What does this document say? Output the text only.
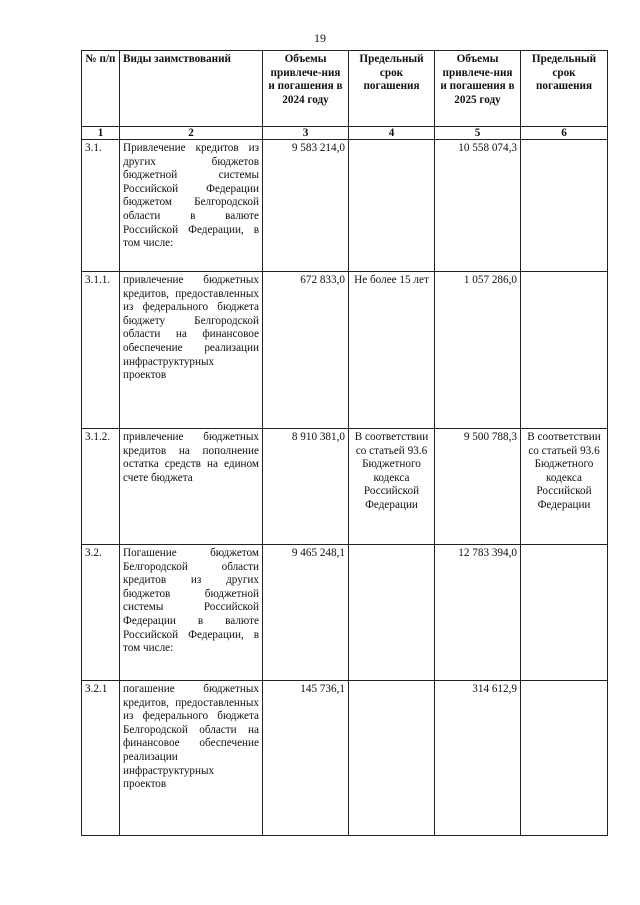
19
№ п/п	Виды заимствований	Объемы привлече-ния и погашения в 2024 году	Предельный срок погашения	Объемы привлече-ния и погашения в 2025 году	Предельный срок погашения
1	2	3	4	5	6
3.1.	Привлечение кредитов из других бюджетов бюджетной системы Российской Федерации бюджетом Белгородской области в валюте Российской Федерации, в том числе:	9 583 214,0		10 558 074,3	
3.1.1.	привлечение бюджетных кредитов, предоставленных из федерального бюджета бюджету Белгородской области на финансовое обеспечение реализации инфраструктурных проектов	672 833,0	Не более 15 лет	1 057 286,0	
3.1.2.	привлечение бюджетных кредитов на пополнение остатка средств на едином счете бюджета	8 910 381,0	В соответствии со статьей 93.6 Бюджетного кодекса Российской Федерации	9 500 788,3	В соответствии со статьей 93.6 Бюджетного кодекса Российской Федерации
3.2.	Погашение бюджетом Белгородской области кредитов из других бюджетов бюджетной системы Российской Федерации в валюте Российской Федерации, в том числе:	9 465 248,1		12 783 394,0	
3.2.1	погашение бюджетных кредитов, предоставленных из федерального бюджета Белгородской области на финансовое обеспечение реализации инфраструктурных проектов	145 736,1		314 612,9	
